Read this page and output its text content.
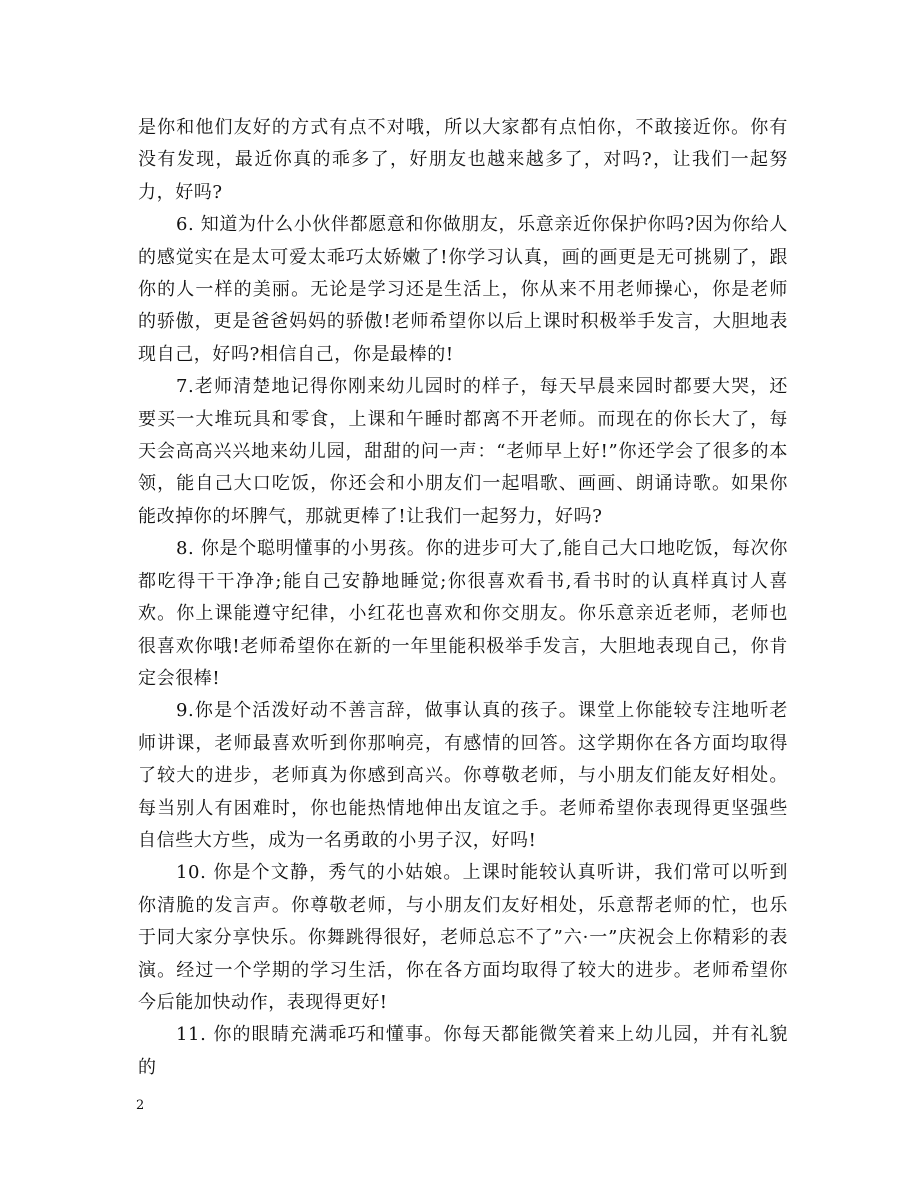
是你和他们友好的方式有点不对哦，所以大家都有点怕你，不敢接近你。你有没有发现，最近你真的乖多了，好朋友也越来越多了，对吗?，让我们一起努力，好吗?

6. 知道为什么小伙伴都愿意和你做朋友，乐意亲近你保护你吗?因为你给人的感觉实在是太可爱太乖巧太娇嫩了!你学习认真，画的画更是无可挑剔了，跟你的人一样的美丽。无论是学习还是生活上，你从来不用老师操心，你是老师的骄傲，更是爸爸妈妈的骄傲!老师希望你以后上课时积极举手发言，大胆地表现自己，好吗?相信自己，你是最棒的!

7.老师清楚地记得你刚来幼儿园时的样子，每天早晨来园时都要大哭，还要买一大堆玩具和零食，上课和午睡时都离不开老师。而现在的你长大了，每天会高高兴兴地来幼儿园，甜甜的问一声：“老师早上好!”你还学会了很多的本领，能自己大口吃饭，你还会和小朋友们一起唱歌、画画、朗诵诗歌。如果你能改掉你的坏脾气，那就更棒了!让我们一起努力，好吗?

8. 你是个聪明懂事的小男孩。你的进步可大了,能自己大口地吃饭，每次你都吃得干干净净;能自己安静地睡觉;你很喜欢看书,看书时的认真样真讨人喜欢。你上课能遵守纪律，小红花也喜欢和你交朋友。你乐意亲近老师，老师也很喜欢你哦!老师希望你在新的一年里能积极举手发言，大胆地表现自己，你肯定会很棒!

9.你是个活泼好动不善言辞，做事认真的孩子。课堂上你能较专注地听老师讲课，老师最喜欢听到你那响亮，有感情的回答。这学期你在各方面均取得了较大的进步，老师真为你感到高兴。你尊敬老师，与小朋友们能友好相处。每当别人有困难时，你也能热情地伸出友谊之手。老师希望你表现得更坚强些自信些大方些，成为一名勇敢的小男子汉，好吗!

10. 你是个文静，秀气的小姑娘。上课时能较认真听讲，我们常可以听到你清脆的发言声。你尊敬老师，与小朋友们友好相处，乐意帮老师的忙，也乐于同大家分享快乐。你舞跳得很好，老师总忘不了”六·一”庆祝会上你精彩的表演。经过一个学期的学习生活，你在各方面均取得了较大的进步。老师希望你今后能加快动作，表现得更好!

11. 你的眼睛充满乖巧和懂事。你每天都能微笑着来上幼儿园，并有礼貌的

2
